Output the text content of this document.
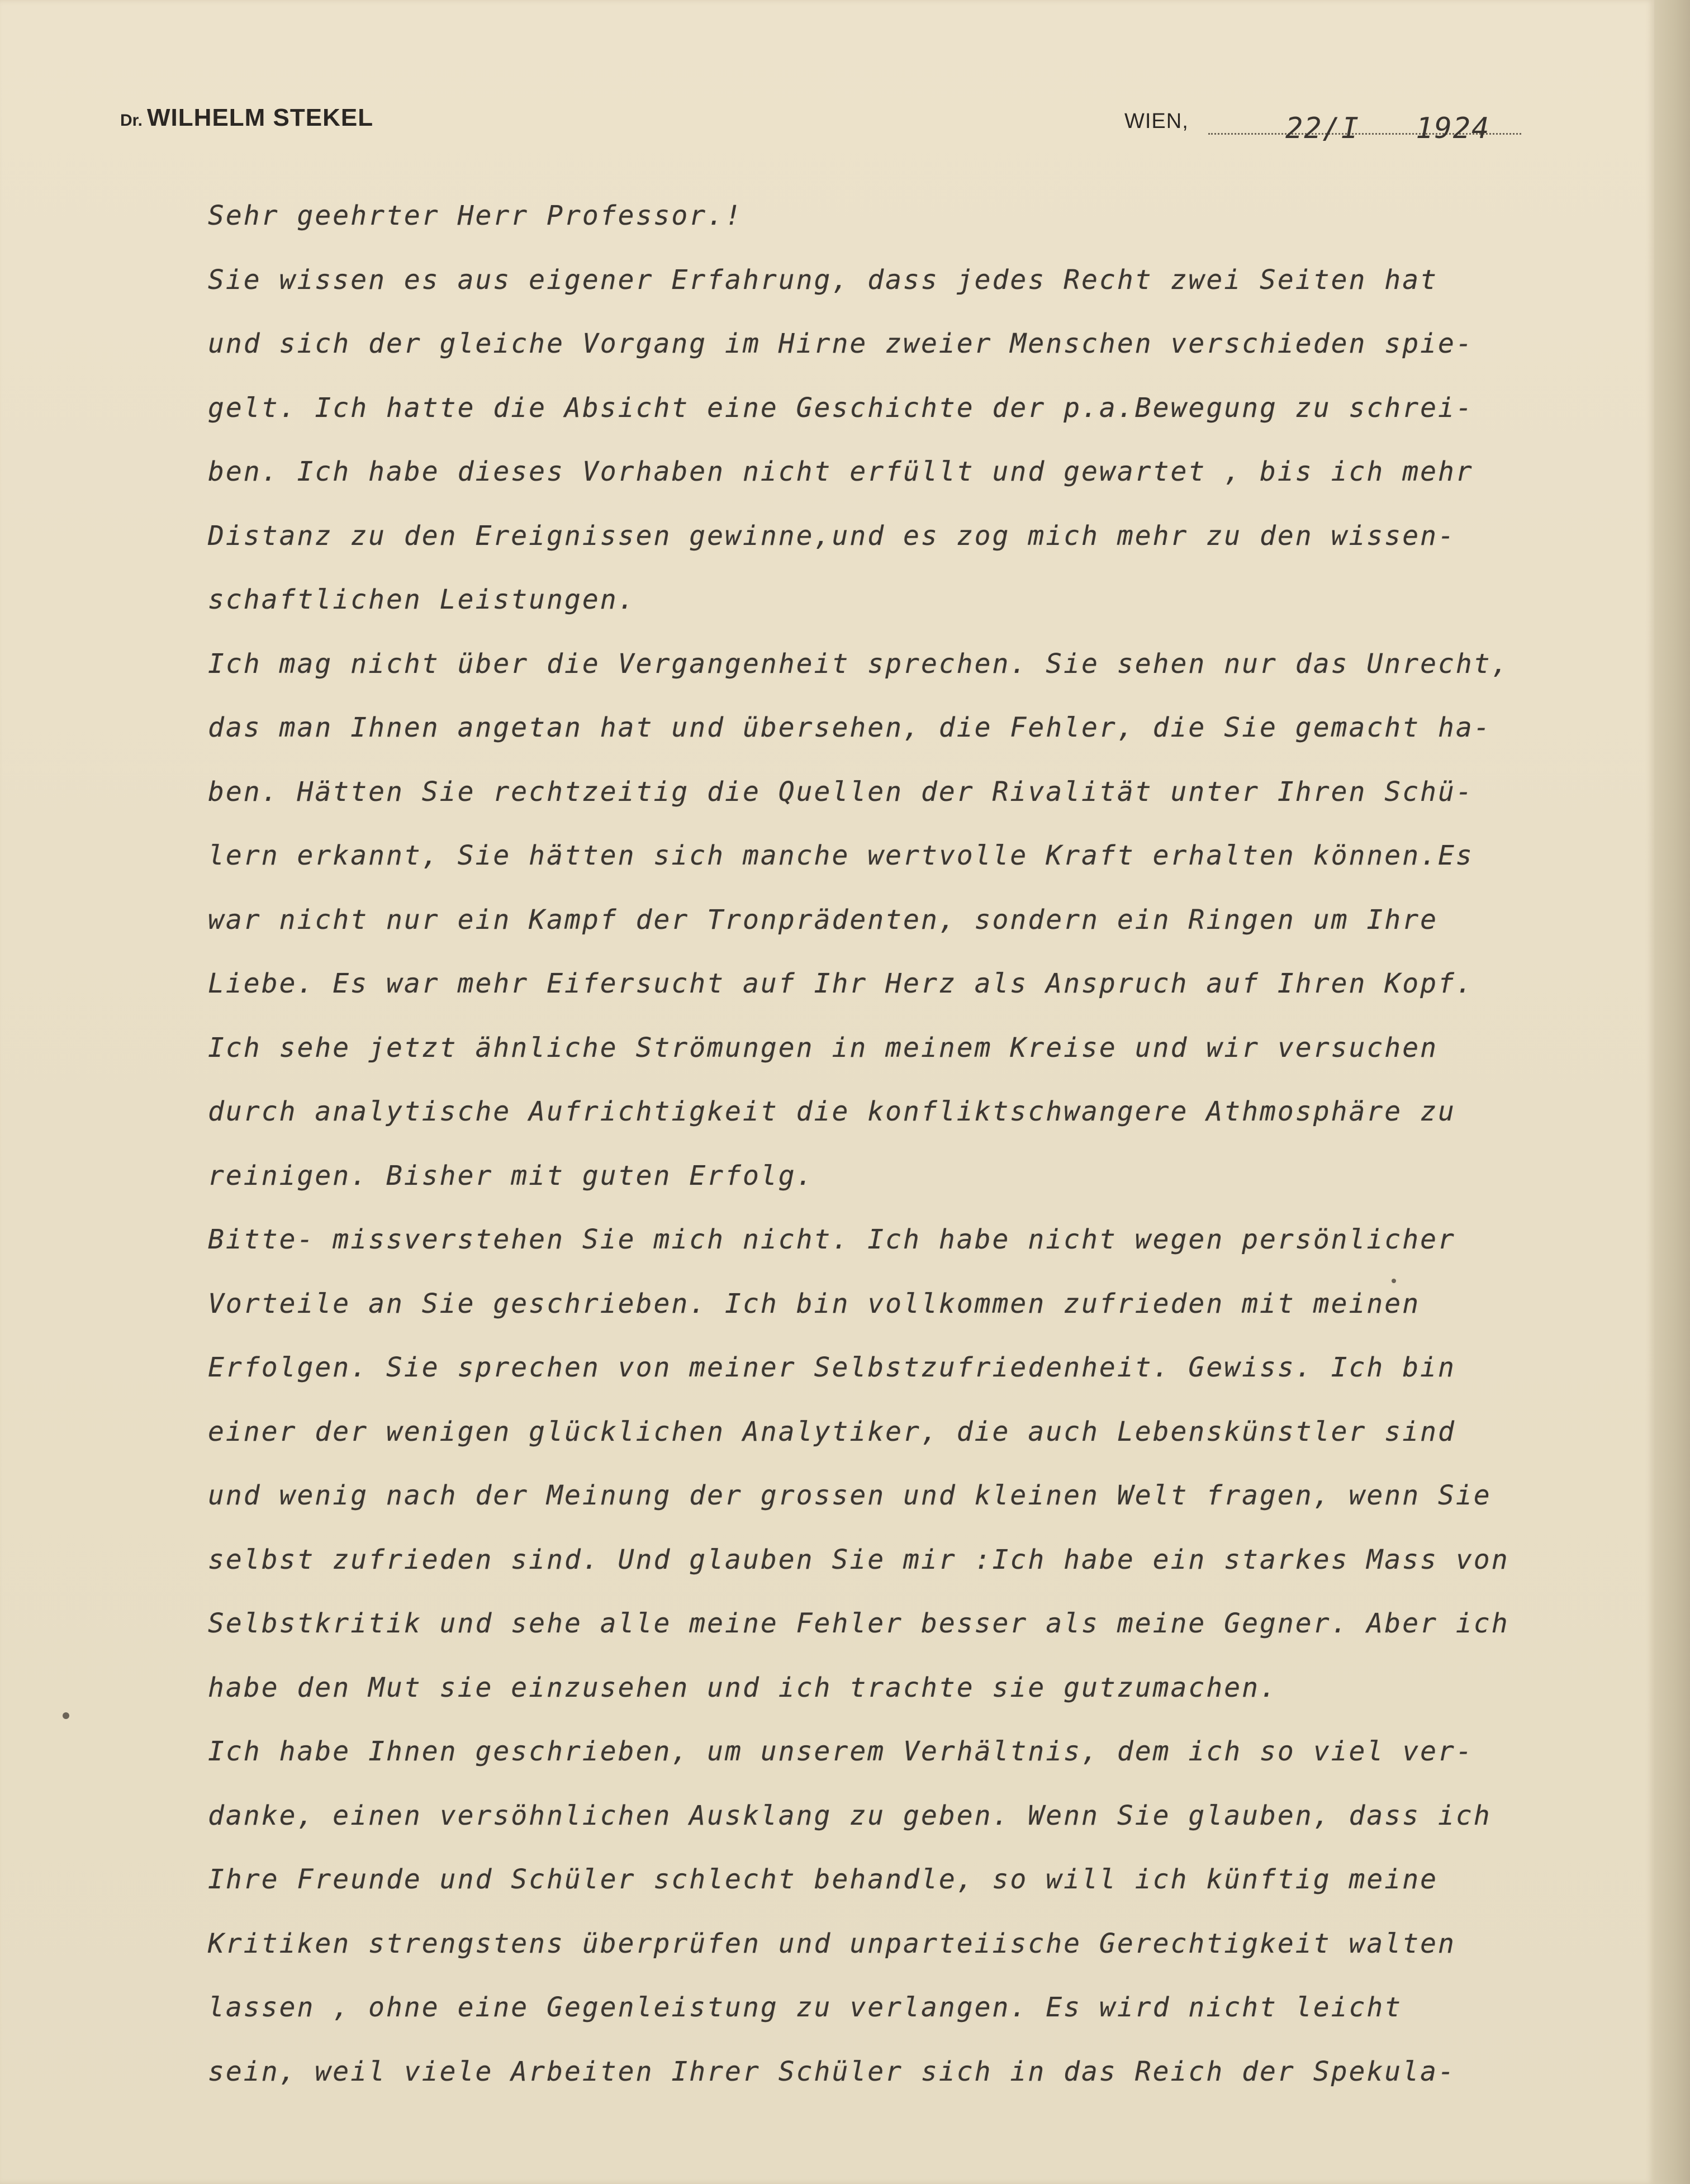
Dr. WILHELM STEKEL	WIEN,	22/I   1924
Sehr geehrter Herr Professor.!
Sie wissen es aus eigener Erfahrung, dass jedes Recht zwei Seiten hat
und sich der gleiche Vorgang im Hirne zweier Menschen verschieden spie-
gelt. Ich hatte die Absicht eine Geschichte der p.a.Bewegung zu schrei-
ben. Ich habe dieses Vorhaben nicht erfüllt und gewartet , bis ich mehr
Distanz zu den Ereignissen gewinne,und es zog mich mehr zu den wissen-
schaftlichen Leistungen.
Ich mag nicht über die Vergangenheit sprechen. Sie sehen nur das Unrecht,
das man Ihnen angetan hat und übersehen, die Fehler, die Sie gemacht ha-
ben. Hätten Sie rechtzeitig die Quellen der Rivalität unter Ihren Schü-
lern erkannt, Sie hätten sich manche wertvolle Kraft erhalten können.Es
war nicht nur ein Kampf der Tronprädenten, sondern ein Ringen um Ihre
Liebe. Es war mehr Eifersucht auf Ihr Herz als Anspruch auf Ihren Kopf.
Ich sehe jetzt ähnliche Strömungen in meinem Kreise und wir versuchen
durch analytische Aufrichtigkeit die konfliktschwangere Athmosphäre zu
reinigen. Bisher mit guten Erfolg.
Bitte- missverstehen Sie mich nicht. Ich habe nicht wegen persönlicher
Vorteile an Sie geschrieben. Ich bin vollkommen zufrieden mit meinen
Erfolgen. Sie sprechen von meiner Selbstzufriedenheit. Gewiss. Ich bin
einer der wenigen glücklichen Analytiker, die auch Lebenskünstler sind
und wenig nach der Meinung der grossen und kleinen Welt fragen, wenn Sie
selbst zufrieden sind. Und glauben Sie mir :Ich habe ein starkes Mass von
Selbstkritik und sehe alle meine Fehler besser als meine Gegner. Aber ich
habe den Mut sie einzusehen und ich trachte sie gutzumachen.
Ich habe Ihnen geschrieben, um unserem Verhältnis, dem ich so viel ver-
danke, einen versöhnlichen Ausklang zu geben. Wenn Sie glauben, dass ich
Ihre Freunde und Schüler schlecht behandle, so will ich künftig meine
Kritiken strengstens überprüfen und unparteiische Gerechtigkeit walten
lassen , ohne eine Gegenleistung zu verlangen. Es wird nicht leicht
sein, weil viele Arbeiten Ihrer Schüler sich in das Reich der Spekula-
